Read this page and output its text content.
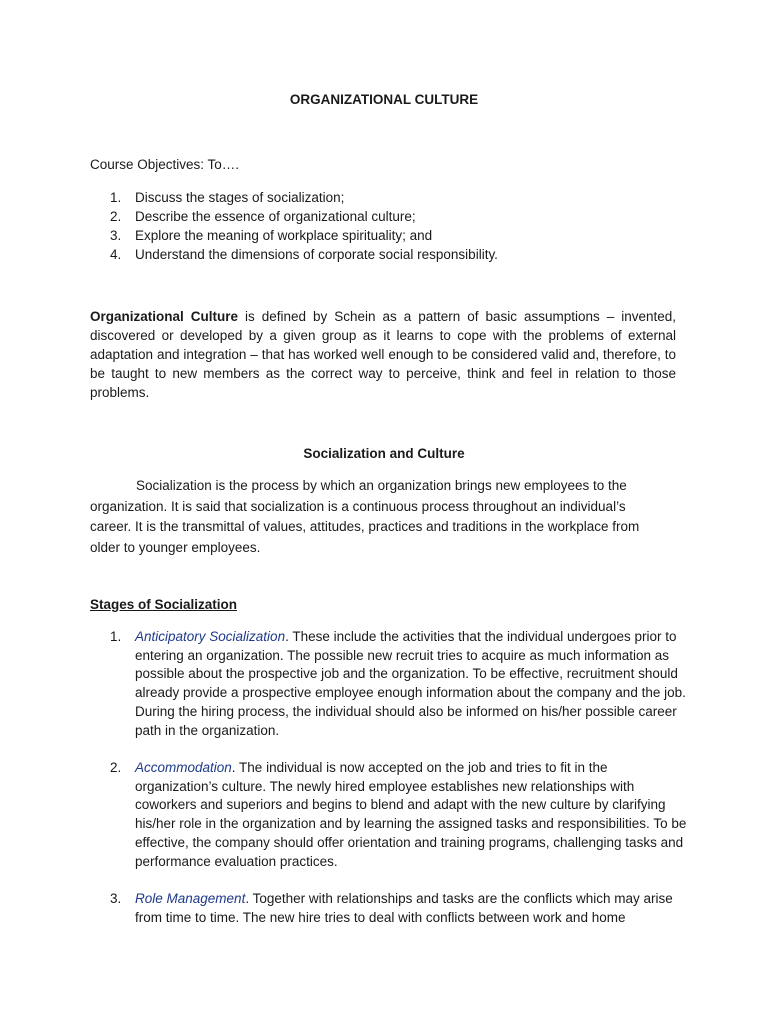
ORGANIZATIONAL CULTURE
Course Objectives: To….
1.	Discuss the stages of socialization;
2.	Describe the essence of organizational culture;
3.	Explore the meaning of workplace spirituality; and
4.	Understand the dimensions of corporate social responsibility.
Organizational Culture is defined by Schein as a pattern of basic assumptions – invented, discovered or developed by a given group as it learns to cope with the problems of external adaptation and integration – that has worked well enough to be considered valid and, therefore, to be taught to new members as the correct way to perceive, think and feel in relation to those problems.
Socialization and Culture
Socialization is the process by which an organization brings new employees to the organization. It is said that socialization is a continuous process throughout an individual’s career. It is the transmittal of values, attitudes, practices and traditions in the workplace from older to younger employees.
Stages of Socialization
1.	Anticipatory Socialization. These include the activities that the individual undergoes prior to entering an organization. The possible new recruit tries to acquire as much information as possible about the prospective job and the organization. To be effective, recruitment should already provide a prospective employee enough information about the company and the job. During the hiring process, the individual should also be informed on his/her possible career path in the organization.
2.	Accommodation. The individual is now accepted on the job and tries to fit in the organization’s culture. The newly hired employee establishes new relationships with coworkers and superiors and begins to blend and adapt with the new culture by clarifying his/her role in the organization and by learning the assigned tasks and responsibilities. To be effective, the company should offer orientation and training programs, challenging tasks and performance evaluation practices.
3.	Role Management. Together with relationships and tasks are the conflicts which may arise from time to time. The new hire tries to deal with conflicts between work and home
